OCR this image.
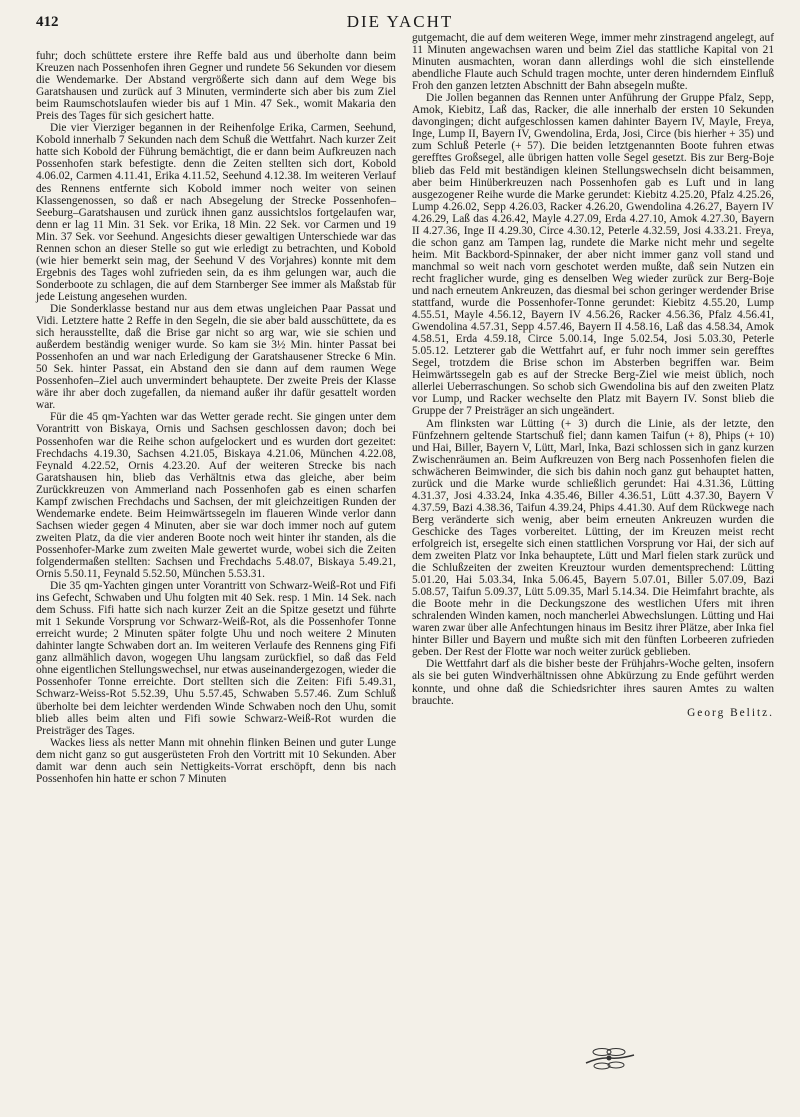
412	DIE YACHT

fuhr; doch schüttete erstere ihre Reffe bald aus und überholte dann beim Kreuzen nach Possenhofen ihren Gegner und rundete 56 Sekunden vor diesem die Wendemarke. Der Abstand vergrößerte sich dann auf dem Wege bis Garatshausen und zurück auf 3 Minuten, verminderte sich aber bis zum Ziel beim Raumschotslaufen wieder bis auf 1 Min. 47 Sek., womit Makaria den Preis des Tages für sich gesichert hatte.

Die vier Vierziger begannen in der Reihenfolge Erika, Carmen, Seehund, Kobold innerhalb 7 Sekunden nach dem Schuß die Wettfahrt. Nach kurzer Zeit hatte sich Kobold der Führung bemächtigt, die er dann beim Aufkreuzen nach Possenhofen stark befestigte. denn die Zeiten stellten sich dort, Kobold 4.06.02, Carmen 4.11.41, Erika 4.11.52, Seehund 4.12.38. Im weiteren Verlauf des Rennens entfernte sich Kobold immer noch weiter von seinen Klassengenossen, so daß er nach Absegelung der Strecke Possenhofen–Seeburg–Garatshausen und zurück ihnen ganz aussichtslos fortgelaufen war, denn er lag 11 Min. 31 Sek. vor Erika, 18 Min. 22 Sek. vor Carmen und 19 Min. 37 Sek. vor Seehund. Angesichts dieser gewaltigen Unterschiede war das Rennen schon an dieser Stelle so gut wie erledigt zu betrachten, und Kobold (wie hier bemerkt sein mag, der Seehund V des Vorjahres) konnte mit dem Ergebnis des Tages wohl zufrieden sein, da es ihm gelungen war, auch die Sonderboote zu schlagen, die auf dem Starnberger See immer als Maßstab für jede Leistung angesehen wurden.

Die Sonderklasse bestand nur aus dem etwas ungleichen Paar Passat und Vidi. Letztere hatte 2 Reffe in den Segeln, die sie aber bald ausschüttete, da es sich herausstellte, daß die Brise gar nicht so arg war, wie sie schien und außerdem beständig weniger wurde. So kam sie 3½ Min. hinter Passat bei Possenhofen an und war nach Erledigung der Garatshausener Strecke 6 Min. 50 Sek. hinter Passat, ein Abstand den sie dann auf dem raumen Wege Possenhofen–Ziel auch unvermindert behauptete. Der zweite Preis der Klasse wäre ihr aber doch zugefallen, da niemand außer ihr dafür gesattelt worden war.

Für die 45 qm-Yachten war das Wetter gerade recht. Sie gingen unter dem Vorantritt von Biskaya, Ornis und Sachsen geschlossen davon; doch bei Possenhofen war die Reihe schon aufgelockert und es wurden dort gezeitet: Frechdachs 4.19.30, Sachsen 4.21.05, Biskaya 4.21.06, München 4.22.08, Feynald 4.22.52, Ornis 4.23.20. Auf der weiteren Strecke bis nach Garatshausen hin, blieb das Verhältnis etwa das gleiche, aber beim Zurückkreuzen von Ammerland nach Possenhofen gab es einen scharfen Kampf zwischen Frechdachs und Sachsen, der mit gleichzeitigen Runden der Wendemarke endete. Beim Heimwärtssegeln im flaueren Winde verlor dann Sachsen wieder gegen 4 Minuten, aber sie war doch immer noch auf gutem zweiten Platz, da die vier anderen Boote noch weit hinter ihr standen, als die Possenhofer-Marke zum zweiten Male gewertet wurde, wobei sich die Zeiten folgendermaßen stellten: Sachsen und Frechdachs 5.48.07, Biskaya 5.49.21, Ornis 5.50.11, Feynald 5.52.50, München 5.53.31.

Die 35 qm-Yachten gingen unter Vorantritt von Schwarz-Weiß-Rot und Fifi ins Gefecht, Schwaben und Uhu folgten mit 40 Sek. resp. 1 Min. 14 Sek. nach dem Schuss. Fifi hatte sich nach kurzer Zeit an die Spitze gesetzt und führte mit 1 Sekunde Vorsprung vor Schwarz-Weiß-Rot, als die Possenhofer Tonne erreicht wurde; 2 Minuten später folgte Uhu und noch weitere 2 Minuten dahinter langte Schwaben dort an. Im weiteren Verlaufe des Rennens ging Fifi ganz allmählich davon, wogegen Uhu langsam zurückfiel, so daß das Feld ohne eigentlichen Stellungswechsel, nur etwas auseinandergezogen, wieder die Possenhofer Tonne erreichte. Dort stellten sich die Zeiten: Fifi 5.49.31, Schwarz-Weiss-Rot 5.52.39, Uhu 5.57.45, Schwaben 5.57.46. Zum Schluß überholte bei dem leichter werdenden Winde Schwaben noch den Uhu, somit blieb alles beim alten und Fifi sowie Schwarz-Weiß-Rot wurden die Preisträger des Tages.

Wackes liess als netter Mann mit ohnehin flinken Beinen und guter Lunge dem nicht ganz so gut ausgerüsteten Froh den Vortritt mit 10 Sekunden. Aber damit war denn auch sein Nettigkeits-Vorrat erschöpft, denn bis nach Possenhofen hin hatte er schon 7 Minuten

gutgemacht, die auf dem weiteren Wege, immer mehr zinstragend angelegt, auf 11 Minuten angewachsen waren und beim Ziel das stattliche Kapital von 21 Minuten ausmachten, woran dann allerdings wohl die sich einstellende abendliche Flaute auch Schuld tragen mochte, unter deren hinderndem Einfluß Froh den ganzen letzten Abschnitt der Bahn absegeln mußte.

Die Jollen begannen das Rennen unter Anführung der Gruppe Pfalz, Sepp, Amok, Kiebitz, Laß das, Racker, die alle innerhalb der ersten 10 Sekunden davongingen; dicht aufgeschlossen kamen dahinter Bayern IV, Mayle, Freya, Inge, Lump II, Bayern IV, Gwendolina, Erda, Josi, Circe (bis hierher + 35) und zum Schluß Peterle (+ 57). Die beiden letztgenannten Boote fuhren etwas gerefftes Großsegel, alle übrigen hatten volle Segel gesetzt. Bis zur Berg-Boje blieb das Feld mit beständigen kleinen Stellungswechseln dicht beisammen, aber beim Hinüberkreuzen nach Possenhofen gab es Luft und in lang ausgezogener Reihe wurde die Marke gerundet: Kiebitz 4.25.20, Pfalz 4.25.26, Lump 4.26.02, Sepp 4.26.03, Racker 4.26.20, Gwendolina 4.26.27, Bayern IV 4.26.29, Laß das 4.26.42, Mayle 4.27.09, Erda 4.27.10, Amok 4.27.30, Bayern II 4.27.36, Inge II 4.29.30, Circe 4.30.12, Peterle 4.32.59, Josi 4.33.21. Freya, die schon ganz am Tampen lag, rundete die Marke nicht mehr und segelte heim. Mit Backbord-Spinnaker, der aber nicht immer ganz voll stand und manchmal so weit nach vorn geschotet werden mußte, daß sein Nutzen ein recht fraglicher wurde, ging es denselben Weg wieder zurück zur Berg-Boje und nach erneutem Ankreuzen, das diesmal bei schon geringer werdender Brise stattfand, wurde die Possenhofer-Tonne gerundet: Kiebitz 4.55.20, Lump 4.55.51, Mayle 4.56.12, Bayern IV 4.56.26, Racker 4.56.36, Pfalz 4.56.41, Gwendolina 4.57.31, Sepp 4.57.46, Bayern II 4.58.16, Laß das 4.58.34, Amok 4.58.51, Erda 4.59.18, Circe 5.00.14, Inge 5.02.54, Josi 5.03.30, Peterle 5.05.12. Letzterer gab die Wettfahrt auf, er fuhr noch immer sein gerefftes Segel, trotzdem die Brise schon im Absterben begriffen war. Beim Heimwärtssegeln gab es auf der Strecke Berg-Ziel wie meist üblich, noch allerlei Ueberraschungen. So schob sich Gwendolina bis auf den zweiten Platz vor Lump, und Racker wechselte den Platz mit Bayern IV. Sonst blieb die Gruppe der 7 Preisträger an sich ungeändert.

Am flinksten war Lütting (+ 3) durch die Linie, als der letzte, den Fünfzehnern geltende Startschuß fiel; dann kamen Taifun (+ 8), Phips (+ 10) und Hai, Biller, Bayern V, Lütt, Marl, Inka, Bazi schlossen sich in ganz kurzen Zwischenräumen an. Beim Aufkreuzen von Berg nach Possenhofen fielen die schwächeren Beimwinder, die sich bis dahin noch ganz gut behauptet hatten, zurück und die Marke wurde schließlich gerundet: Hai 4.31.36, Lütting 4.31.37, Josi 4.33.24, Inka 4.35.46, Biller 4.36.51, Lütt 4.37.30, Bayern V 4.37.59, Bazi 4.38.36, Taifun 4.39.24, Phips 4.41.30. Auf dem Rückwege nach Berg veränderte sich wenig, aber beim erneuten Ankreuzen wurden die Geschicke des Tages vorbereitet. Lütting, der im Kreuzen meist recht erfolgreich ist, ersegelte sich einen stattlichen Vorsprung vor Hai, der sich auf dem zweiten Platz vor Inka behauptete, Lütt und Marl fielen stark zurück und die Schlußzeiten der zweiten Kreuztour wurden dementsprechend: Lütting 5.01.20, Hai 5.03.34, Inka 5.06.45, Bayern 5.07.01, Biller 5.07.09, Bazi 5.08.57, Taifun 5.09.37, Lütt 5.09.35, Marl 5.14.34. Die Heimfahrt brachte, als die Boote mehr in die Deckungszone des westlichen Ufers mit ihren schralenden Winden kamen, noch mancherlei Abwechslungen. Lütting und Hai waren zwar über alle Anfechtungen hinaus im Besitz ihrer Plätze, aber Inka fiel hinter Biller und Bayern und mußte sich mit den fünften Lorbeeren zufrieden geben. Der Rest der Flotte war noch weiter zurück geblieben.

Die Wettfahrt darf als die bisher beste der Frühjahrs-Woche gelten, insofern als sie bei guten Windverhältnissen ohne Abkürzung zu Ende geführt werden konnte, und ohne daß die Schiedsrichter ihres sauren Amtes zu walten brauchte.

Georg Belitz.
